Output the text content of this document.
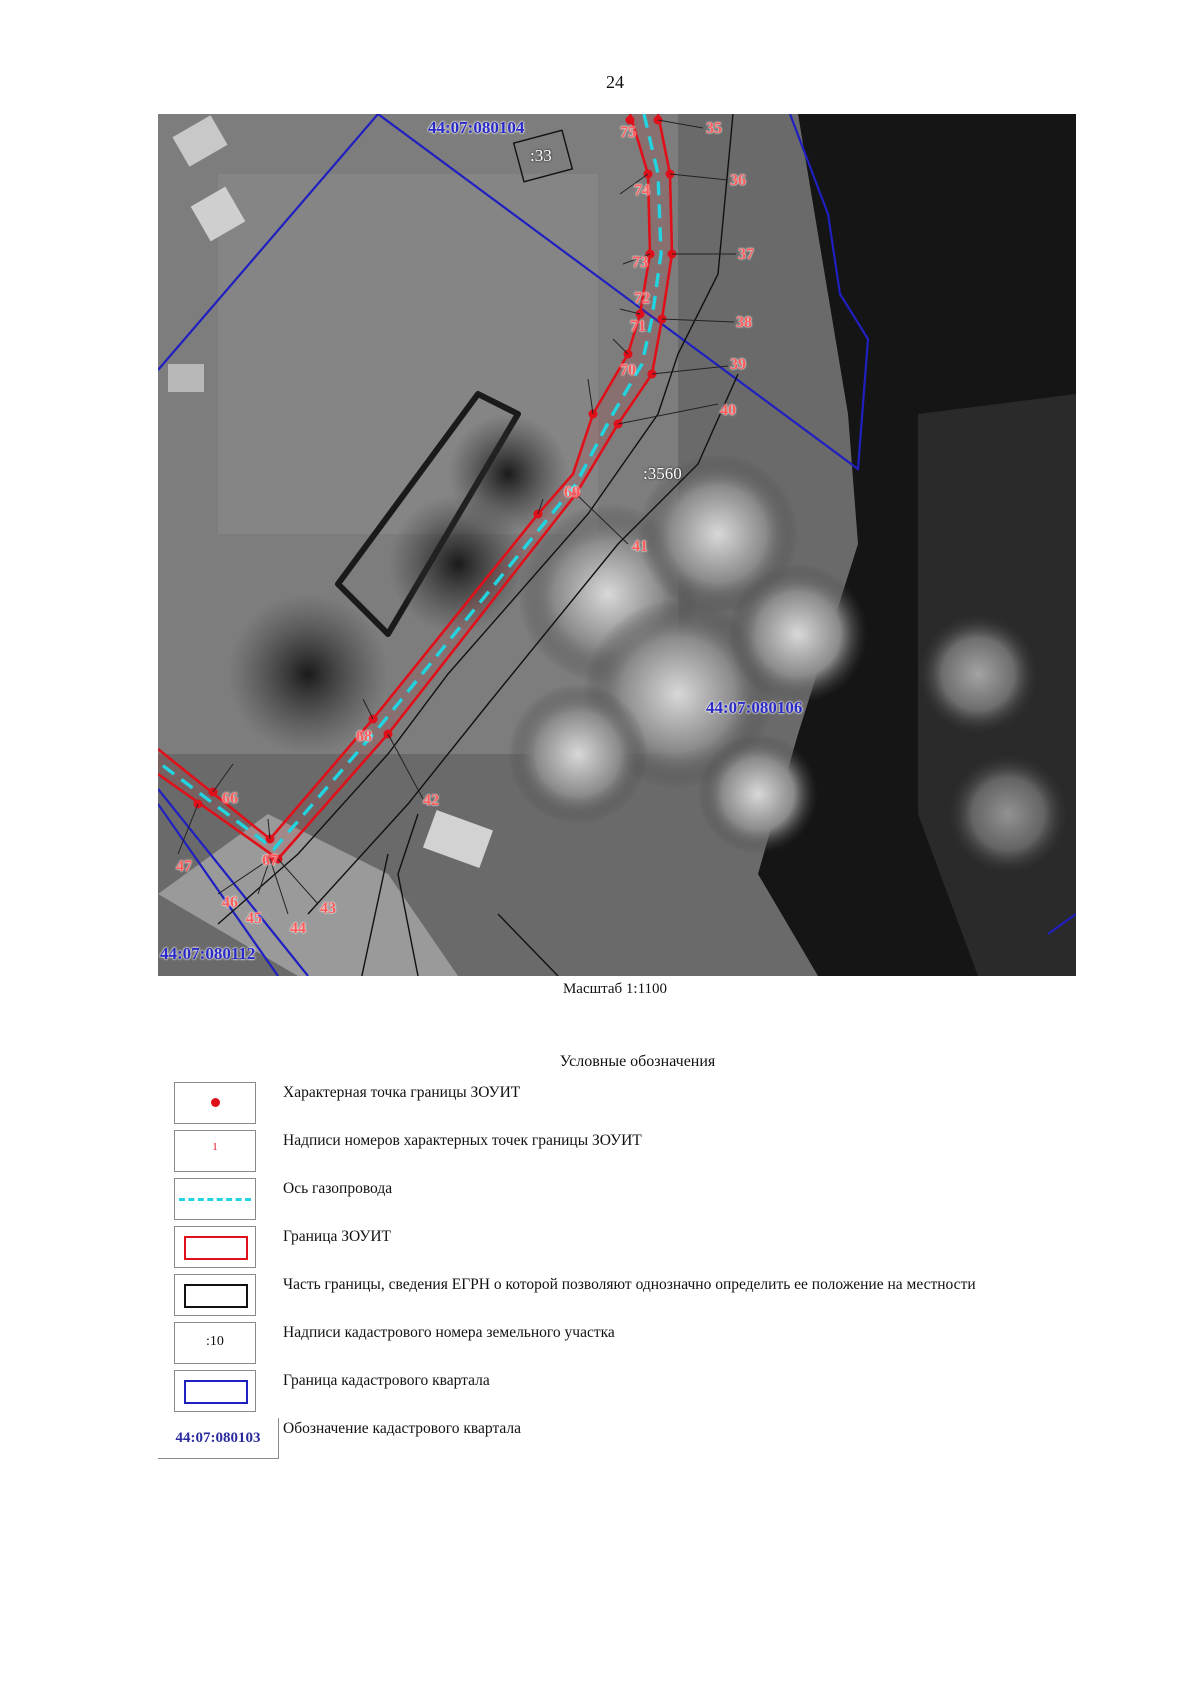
24
44:07:080104
44:07:080106
44:07:080112
:33
:3560
35
36
37
38
39
40
41
42
43
44
45
46
47
66
67
68
69
70
71
72
73
74
75
Масштаб 1:1100
Условные обозначения
Характерная точка границы ЗОУИТ
1	Надписи номеров характерных точек границы ЗОУИТ
Ось газопровода
Граница ЗОУИТ
Часть границы, сведения ЕГРН о которой позволяют однозначно определить ее положение на местности
:10
Надписи кадастрового номера земельного участка
Граница кадастрового квартала
44:07:080103
Обозначение кадастрового квартала
